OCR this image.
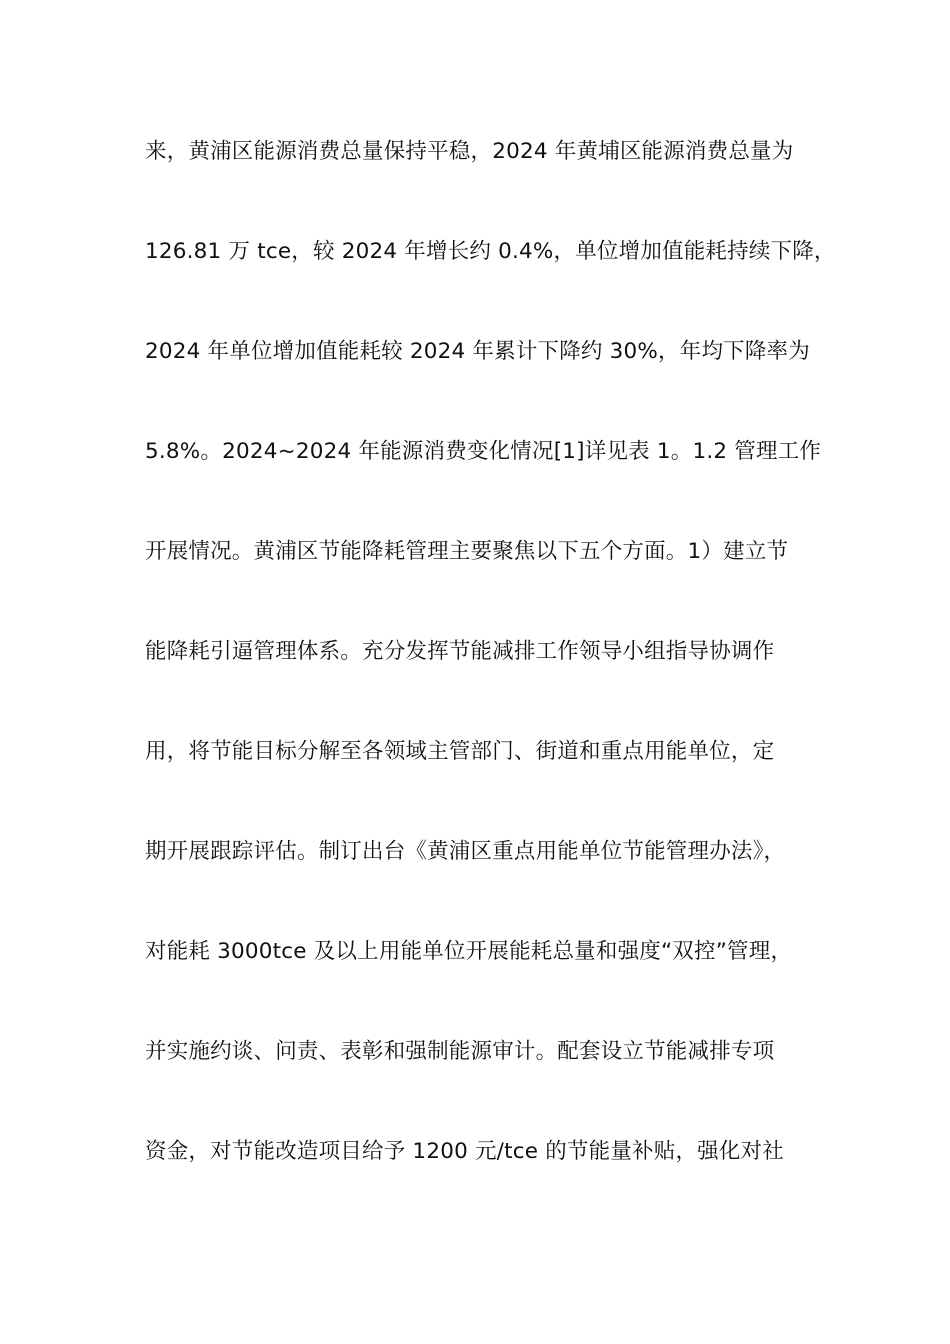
来，黄浦区能源消费总量保持平稳，2024 年黄埔区能源消费总量为
126.81 万 tce，较 2024 年增长约 0.4%，单位增加值能耗持续下降，
2024 年单位增加值能耗较 2024 年累计下降约 30%，年均下降率为
5.8%。2024~2024 年能源消费变化情况[1]详见表 1。1.2 管理工作
开展情况。黄浦区节能降耗管理主要聚焦以下五个方面。1）建立节
能降耗引逼管理体系。充分发挥节能减排工作领导小组指导协调作
用，将节能目标分解至各领域主管部门、街道和重点用能单位，定
期开展跟踪评估。制订出台《黄浦区重点用能单位节能管理办法》，
对能耗 3000tce 及以上用能单位开展能耗总量和强度“双控”管理，
并实施约谈、问责、表彰和强制能源审计。配套设立节能减排专项
资金，对节能改造项目给予 1200 元/tce 的节能量补贴，强化对社
